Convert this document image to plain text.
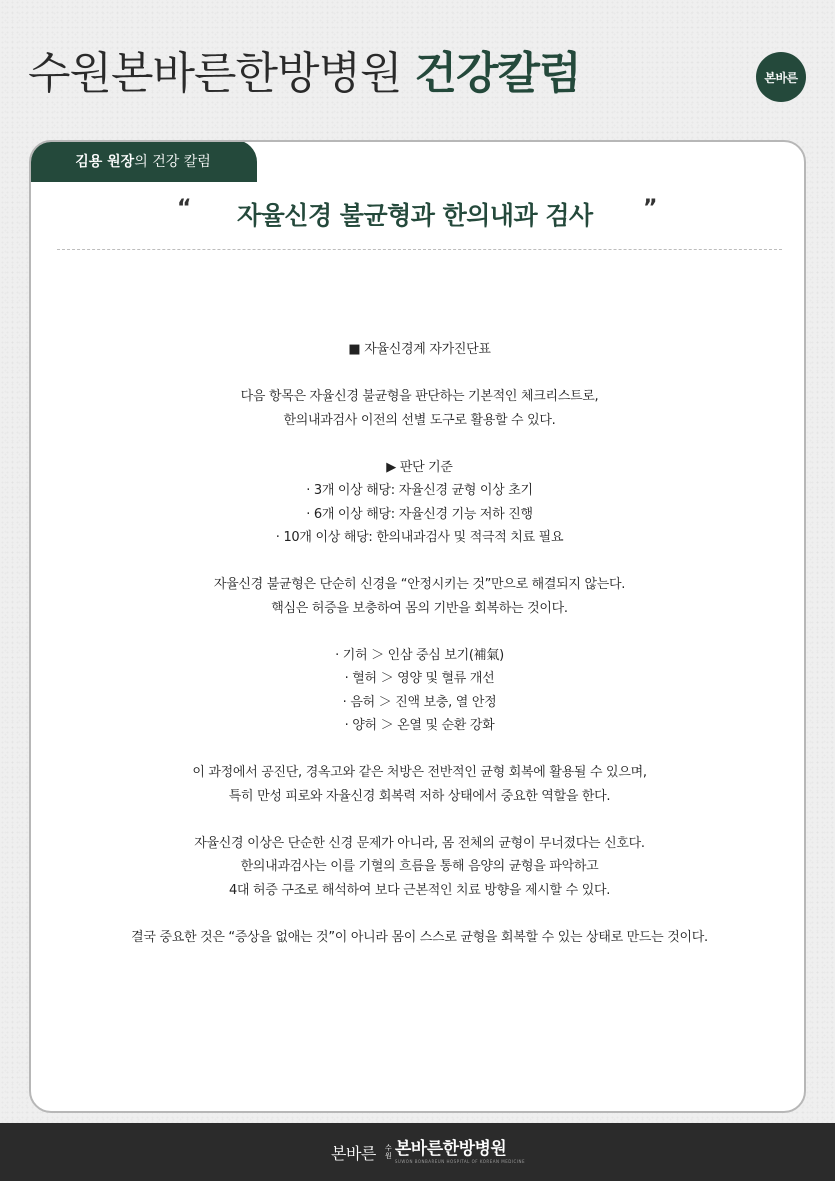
수원본바른한방병원 건강칼럼	본바른
김용 원장 의 건강 칼럼
“ 자율신경 불균형과 한의내과 검사 ”
■ 자율신경계 자가진단표
다음 항목은 자율신경 불균형을 판단하는 기본적인 체크리스트로,
한의내과검사 이전의 선별 도구로 활용할 수 있다.
▶ 판단 기준
· 3개 이상 해당: 자율신경 균형 이상 초기
· 6개 이상 해당: 자율신경 기능 저하 진행
· 10개 이상 해당: 한의내과검사 및 적극적 치료 필요
자율신경 불균형은 단순히 신경을 “안정시키는 것”만으로 해결되지 않는다.
핵심은 허증을 보충하여 몸의 기반을 회복하는 것이다.
· 기허 ＞ 인삼 중심 보기(補氣)
· 혈허 ＞ 영양 및 혈류 개선
· 음허 ＞ 진액 보충, 열 안정
· 양허 ＞ 온열 및 순환 강화
이 과정에서 공진단, 경옥고와 같은 처방은 전반적인 균형 회복에 활용될 수 있으며,
특히 만성 피로와 자율신경 회복력 저하 상태에서 중요한 역할을 한다.
자율신경 이상은 단순한 신경 문제가 아니라, 몸 전체의 균형이 무너졌다는 신호다.
한의내과검사는 이를 기혈의 흐름을 통해 음양의 균형을 파악하고
4대 허증 구조로 해석하여 보다 근본적인 치료 방향을 제시할 수 있다.
결국 중요한 것은 “증상을 없애는 것”이 아니라 몸이 스스로 균형을 회복할 수 있는 상태로 만드는 것이다.
본바른 수원 본바른한방병원
SUWON BONBAREUN HOSPITAL OF KOREAN MEDICINE
